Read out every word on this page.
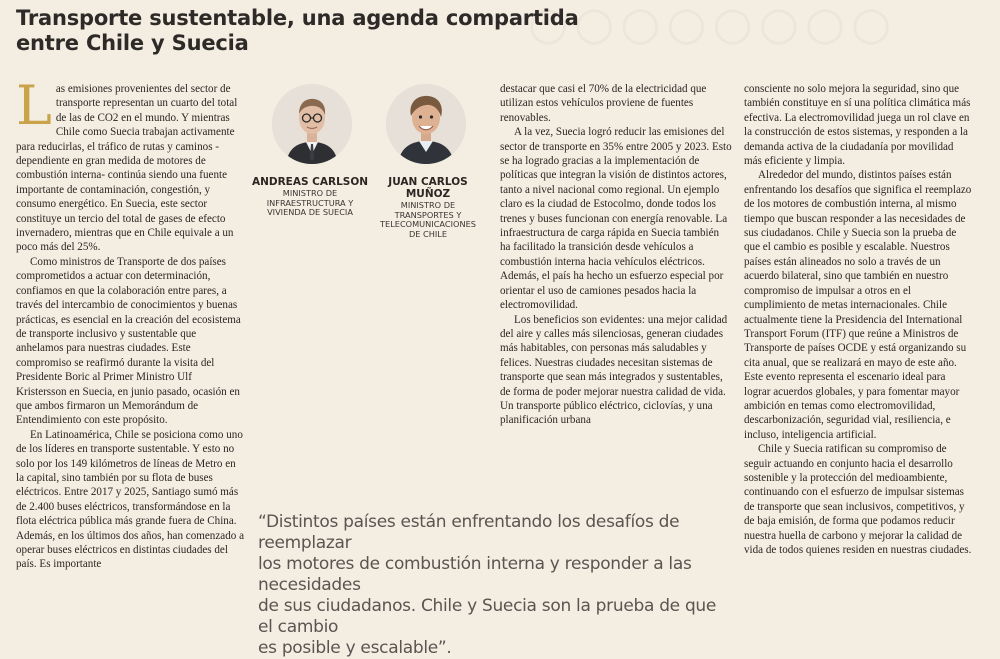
○○○○○○○○
Transporte sustentable, una agenda compartida
entre Chile y Suecia

Las emisiones provenientes del sector de transporte representan un cuarto del total de las de CO2 en el mundo. Y mientras Chile como Suecia trabajan activamente para reducirlas, el tráfico de rutas y caminos -dependiente en gran medida de motores de combustión interna- continúa siendo una fuente importante de contaminación, congestión, y consumo energético. En Suecia, este sector constituye un tercio del total de gases de efecto invernadero, mientras que en Chile equivale a un poco más del 25%.

Como ministros de Transporte de dos países comprometidos a actuar con determinación, confiamos en que la colaboración entre pares, a través del intercambio de conocimientos y buenas prácticas, es esencial en la creación del ecosistema de transporte inclusivo y sustentable que anhelamos para nuestras ciudades. Este compromiso se reafirmó durante la visita del Presidente Boric al Primer Ministro Ulf Kristersson en Suecia, en junio pasado, ocasión en que ambos firmaron un Memorándum de Entendimiento con este propósito.

En Latinoamérica, Chile se posiciona como uno de los líderes en transporte sustentable. Y esto no solo por los 149 kilómetros de líneas de Metro en la capital, sino también por su flota de buses eléctricos. Entre 2017 y 2025, Santiago sumó más de 2.400 buses eléctricos, transformándose en la flota eléctrica pública más grande fuera de China. Además, en los últimos dos años, han comenzado a operar buses eléctricos en distintas ciudades del país. Es importante

ANDREAS CARLSON
MINISTRO DE
INFRAESTRUCTURA Y
VIVIENDA DE SUECIA
JUAN CARLOS
MUÑOZ
MINISTRO DE
TRANSPORTES Y
TELECOMUNICACIONES
DE CHILE

destacar que casi el 70% de la electricidad que utilizan estos vehículos proviene de fuentes renovables.

A la vez, Suecia logró reducir las emisiones del sector de transporte en 35% entre 2005 y 2023. Esto se ha logrado gracias a la implementación de políticas que integran la visión de distintos actores, tanto a nivel nacional como regional. Un ejemplo claro es la ciudad de Estocolmo, donde todos los trenes y buses funcionan con energía renovable. La infraestructura de carga rápida en Suecia también ha facilitado la transición desde vehículos a combustión interna hacia vehículos eléctricos. Además, el país ha hecho un esfuerzo especial por orientar el uso de camiones pesados hacia la electromovilidad.

Los beneficios son evidentes: una mejor calidad del aire y calles más silenciosas, generan ciudades más habitables, con personas más saludables y felices. Nuestras ciudades necesitan sistemas de transporte que sean más integrados y sustentables, de forma de poder mejorar nuestra calidad de vida. Un transporte público eléctrico, ciclovías, y una planificación urbana

consciente no solo mejora la seguridad, sino que también constituye en sí una política climática más efectiva. La electromovilidad juega un rol clave en la construcción de estos sistemas, y responden a la demanda activa de la ciudadanía por movilidad más eficiente y limpia.

Alrededor del mundo, distintos países están enfrentando los desafíos que significa el reemplazo de los motores de combustión interna, al mismo tiempo que buscan responder a las necesidades de sus ciudadanos. Chile y Suecia son la prueba de que el cambio es posible y escalable. Nuestros países están alineados no solo a través de un acuerdo bilateral, sino que también en nuestro compromiso de impulsar a otros en el cumplimiento de metas internacionales. Chile actualmente tiene la Presidencia del International Transport Forum (ITF) que reúne a Ministros de Transporte de países OCDE y está organizando su cita anual, que se realizará en mayo de este año. Este evento representa el escenario ideal para lograr acuerdos globales, y para fomentar mayor ambición en temas como electromovilidad, descarbonización, seguridad vial, resiliencia, e incluso, inteligencia artificial.

Chile y Suecia ratifican su compromiso de seguir actuando en conjunto hacia el desarrollo sostenible y la protección del medioambiente, continuando con el esfuerzo de impulsar sistemas de transporte que sean inclusivos, competitivos, y de baja emisión, de forma que podamos reducir nuestra huella de carbono y mejorar la calidad de vida de todos quienes residen en nuestras ciudades.

“Distintos países están enfrentando los desafíos de reemplazar
los motores de combustión interna y responder a las necesidades
de sus ciudadanos. Chile y Suecia son la prueba de que el cambio
es posible y escalable”.
